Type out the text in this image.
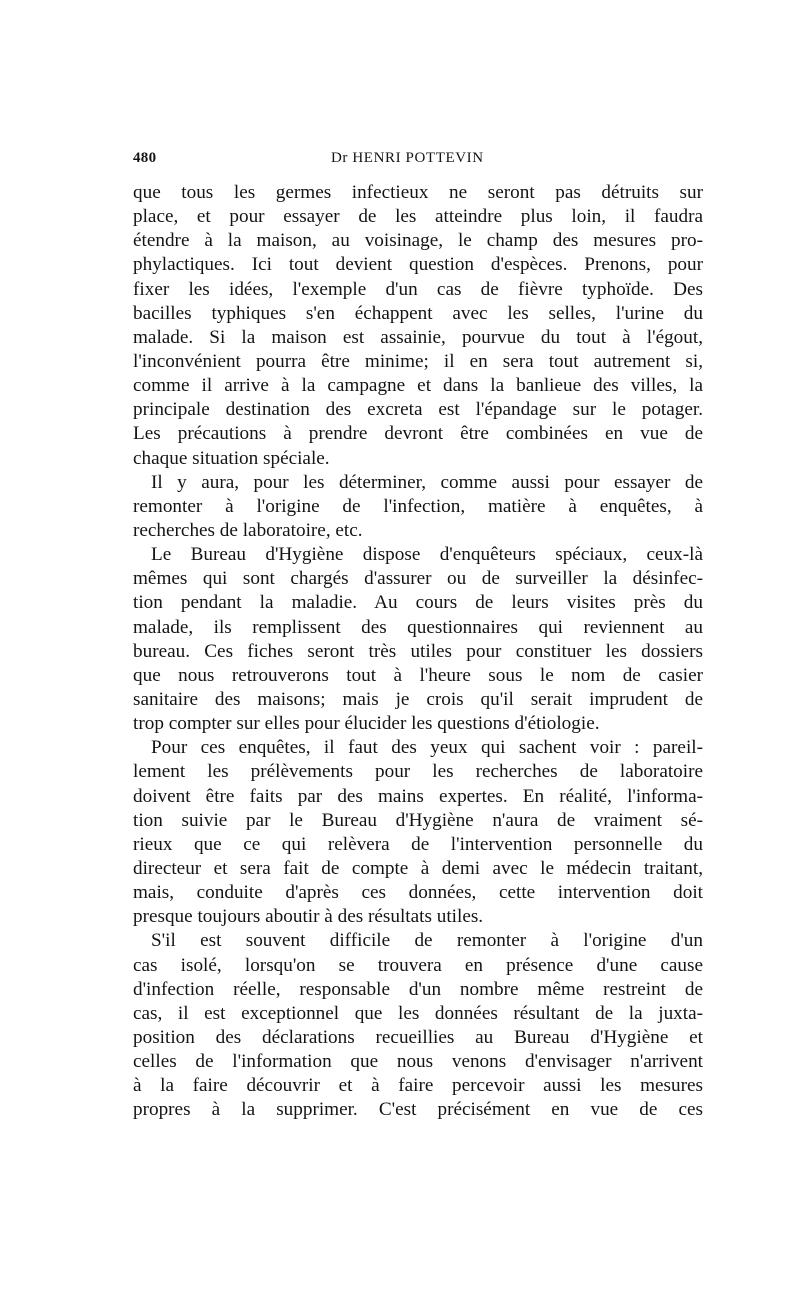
480	Dr HENRI POTTEVIN
que tous les germes infectieux ne seront pas détruits sur
place, et pour essayer de les atteindre plus loin, il faudra
étendre à la maison, au voisinage, le champ des mesures pro-
phylactiques. Ici tout devient question d'espèces. Prenons, pour
fixer les idées, l'exemple d'un cas de fièvre typhoïde. Des
bacilles typhiques s'en échappent avec les selles, l'urine du
malade. Si la maison est assainie, pourvue du tout à l'égout,
l'inconvénient pourra être minime; il en sera tout autrement si,
comme il arrive à la campagne et dans la banlieue des villes, la
principale destination des excreta est l'épandage sur le potager.
Les précautions à prendre devront être combinées en vue de
chaque situation spéciale.
Il y aura, pour les déterminer, comme aussi pour essayer de
remonter à l'origine de l'infection, matière à enquêtes, à
recherches de laboratoire, etc.
Le Bureau d'Hygiène dispose d'enquêteurs spéciaux, ceux-là
mêmes qui sont chargés d'assurer ou de surveiller la désinfec-
tion pendant la maladie. Au cours de leurs visites près du
malade, ils remplissent des questionnaires qui reviennent au
bureau. Ces fiches seront très utiles pour constituer les dossiers
que nous retrouverons tout à l'heure sous le nom de casier
sanitaire des maisons; mais je crois qu'il serait imprudent de
trop compter sur elles pour élucider les questions d'étiologie.
Pour ces enquêtes, il faut des yeux qui sachent voir : pareil-
lement les prélèvements pour les recherches de laboratoire
doivent être faits par des mains expertes. En réalité, l'informa-
tion suivie par le Bureau d'Hygiène n'aura de vraiment sé-
rieux que ce qui relèvera de l'intervention personnelle du
directeur et sera fait de compte à demi avec le médecin traitant,
mais, conduite d'après ces données, cette intervention doit
presque toujours aboutir à des résultats utiles.
S'il est souvent difficile de remonter à l'origine d'un
cas isolé, lorsqu'on se trouvera en présence d'une cause
d'infection réelle, responsable d'un nombre même restreint de
cas, il est exceptionnel que les données résultant de la juxta-
position des déclarations recueillies au Bureau d'Hygiène et
celles de l'information que nous venons d'envisager n'arrivent
à la faire découvrir et à faire percevoir aussi les mesures
propres à la supprimer. C'est précisément en vue de ces
